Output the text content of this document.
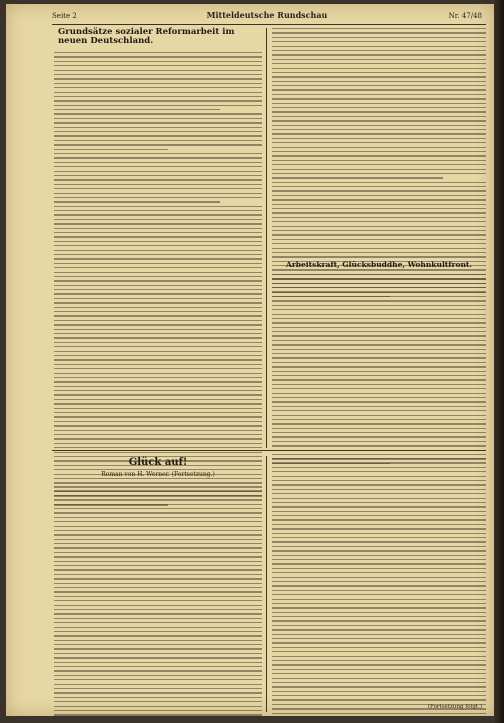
Seite 2	Mitteldeutsche Rundschau	Nr. 47/48
Grundsätze sozialer Reformarbeit im neuen Deutschland.
Arbeitskraft, Glücksbuddhe, Wohnkultfront.
Glück auf!
Roman von H. Werner. (Fortsetzung.)
(Fortsetzung folgt.)
